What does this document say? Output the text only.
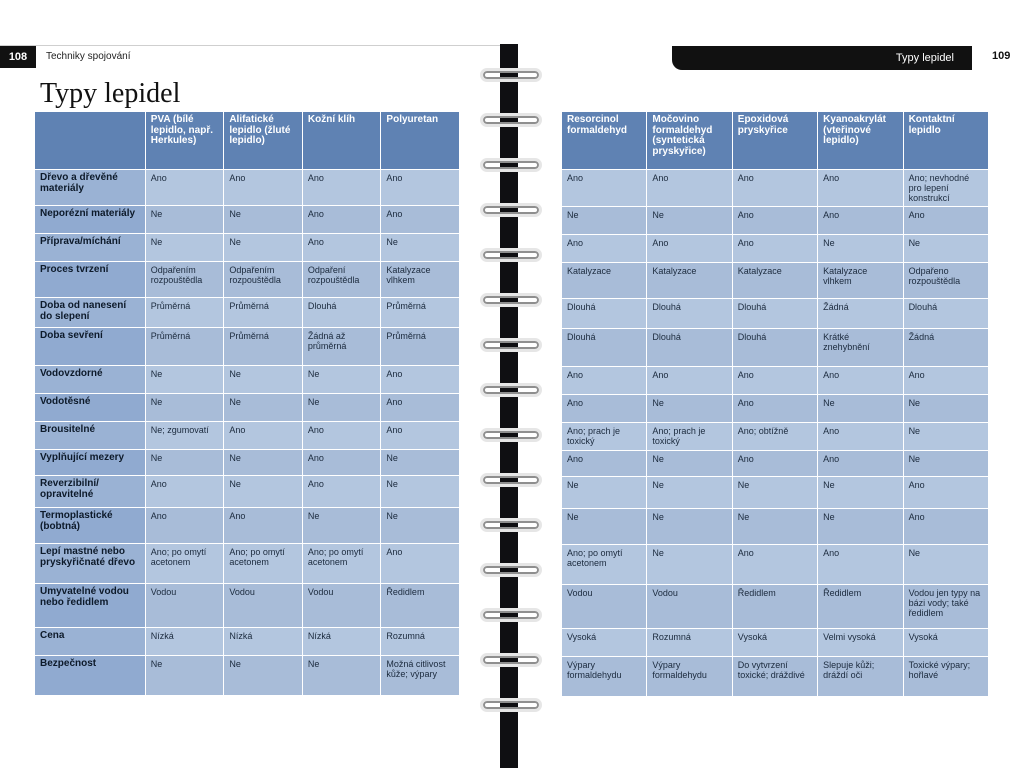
108	Techniky spojování	Typy lepidel	109
Typy lepidel
	PVA (bílé lepidlo, např. Herkules)	Alifatické lepidlo (žluté lepidlo)	Kožní klíh	Polyuretan
Dřevo a dřevěné materiály	Ano	Ano	Ano	Ano
Neporézní materiály	Ne	Ne	Ano	Ano
Příprava/míchání	Ne	Ne	Ano	Ne
Proces tvrzení	Odpařením rozpouštědla	Odpařením rozpouštědla	Odpaření rozpouštědla	Katalyzace vlhkem
Doba od nanesení do slepení	Průměrná	Průměrná	Dlouhá	Průměrná
Doba sevření	Průměrná	Průměrná	Žádná až průměrná	Průměrná
Vodovzdorné	Ne	Ne	Ne	Ano
Vodotěsné	Ne	Ne	Ne	Ano
Brousitelné	Ne; zgumovatí	Ano	Ano	Ano
Vyplňující mezery	Ne	Ne	Ano	Ne
Reverzibilní/ opravitelné	Ano	Ne	Ano	Ne
Termoplastické (bobtná)	Ano	Ano	Ne	Ne
Lepí mastné nebo pryskyřičnaté dřevo	Ano; po omytí acetonem	Ano; po omytí acetonem	Ano; po omytí acetonem	Ano
Umyvatelné vodou nebo ředidlem	Vodou	Vodou	Vodou	Ředidlem
Cena	Nízká	Nízká	Nízká	Rozumná
Bezpečnost	Ne	Ne	Ne	Možná citlivost kůže; výpary
Resorcinol formaldehyd	Močovino formaldehyd (syntetická pryskyřice)	Epoxidová pryskyřice	Kyanoakrylát (vteřinové lepidlo)	Kontaktní lepidlo
Ano	Ano	Ano	Ano	Ano; nevhodné pro lepení konstrukcí
Ne	Ne	Ano	Ano	Ano
Ano	Ano	Ano	Ne	Ne
Katalyzace	Katalyzace	Katalyzace	Katalyzace vlhkem	Odpařeno rozpouštědla
Dlouhá	Dlouhá	Dlouhá	Žádná	Dlouhá
Dlouhá	Dlouhá	Dlouhá	Krátké znehybnění	Žádná
Ano	Ano	Ano	Ano	Ano
Ano	Ne	Ano	Ne	Ne
Ano; prach je toxický	Ano; prach je toxický	Ano; obtížně	Ano	Ne
Ano	Ne	Ano	Ano	Ne
Ne	Ne	Ne	Ne	Ano
Ne	Ne	Ne	Ne	Ano
Ano; po omytí acetonem	Ne	Ano	Ano	Ne
Vodou	Vodou	Ředidlem	Ředidlem	Vodou jen typy na bázi vody; také ředidlem
Vysoká	Rozumná	Vysoká	Velmi vysoká	Vysoká
Výpary formaldehydu	Výpary formaldehydu	Do vytvrzení toxické; dráždivé	Slepuje kůži; dráždí oči	Toxické výpary; hořlavé
